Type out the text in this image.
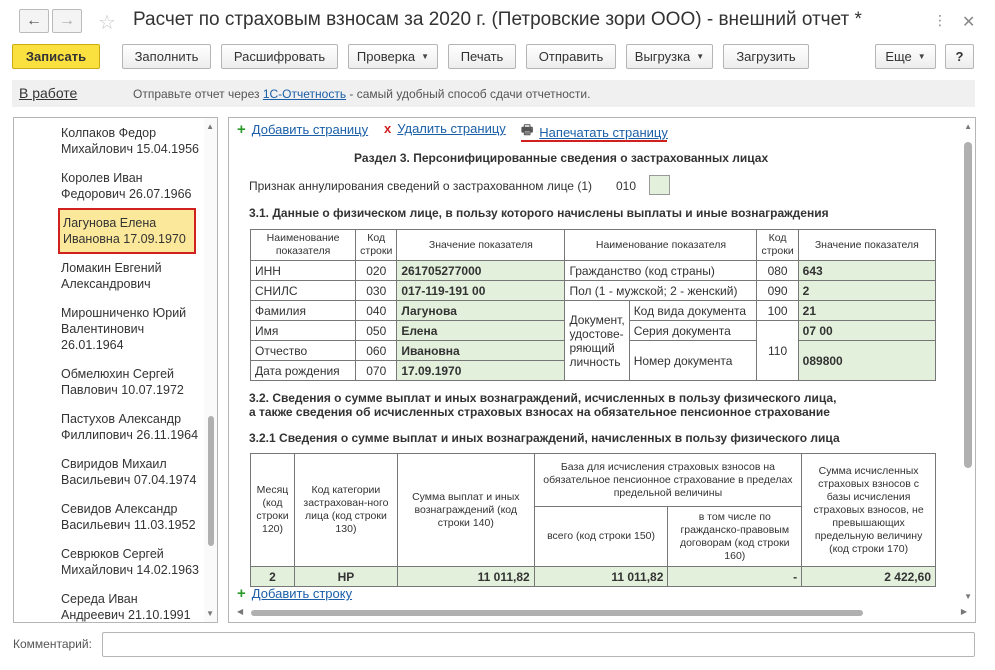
← → ☆ Расчет по страховым взносам за 2020 г. (Петровские зори ООО) - внешний отчет *	⋮ ✕
Записать	Заполнить	Расшифровать Проверка ▼ Печать	Отправить Выгрузка ▼ Загрузить	Еще ▼ ?
В работе	Отправьте отчет через 1С-Отчетность - самый удобный способ сдачи отчетности.
Колпаков Федор
Михайлович 15.04.1956
Королев Иван
Федорович 26.07.1966
Лагунова Елена
Ивановна 17.09.1970
Ломакин Евгений
Александрович
Мирошниченко Юрий
Валентинович
26.01.1964
Обмелюхин Сергей
Павлович 10.07.1972
Пастухов Александр
Филлипович 26.11.1964
Свиридов Михаил
Васильевич 07.04.1974
Севидов Александр
Васильевич 11.03.1952
Севрюков Сергей
Михайлович 14.02.1963
Середа Иван
Андреевич 21.10.1991
▲
▼
+ Добавить страницу x Удалить страницу 🖶 Напечатать страницу
Раздел 3. Персонифицированные сведения о застрахованных лицах
Признак аннулирования сведений о застрахованном лице (1) 010
3.1. Данные о физическом лице, в пользу которого начислены выплаты и иные вознаграждения
Наименование показателя	Код строки	Значение показателя	Наименование показателя		Код строки	Значение показателя
ИНН	020	261705277000	Гражданство (код страны)		080	643
СНИЛС	030	017-119-191 00	Пол (1 - мужской; 2 - женский)		090	2
Фамилия	040	Лагунова	Документ, удостове-ряющий личность	Код вида документа	100	21
Имя	050	Елена		Серия документа	110	07 00
Отчество	060	Ивановна		Номер документа		089800
Дата рождения	070	17.09.1970				
3.2. Сведения о сумме выплат и иных вознаграждений, исчисленных в пользу физического лица,
а также сведения об исчисленных страховых взносах на обязательное пенсионное страхование
3.2.1 Сведения о сумме выплат и иных вознаграждений, начисленных в пользу физического лица
Месяц (код строки 120)	Код категории застрахован-ного лица (код строки 130)	Сумма выплат и иных вознаграждений (код строки 140)	База для исчисления страховых взносов на обязательное пенсионное страхование в пределах предельной величины		Сумма исчисленных страховых взносов с базы исчисления страховых взносов, не превышающих предельную величину (код строки 170)
			всего (код строки 150)	в том числе по гражданско-правовым договорам (код строки 160)	
2	НР	11 011,82	11 011,82	-	2 422,60
+ Добавить строку
▲
▼
◀	▶
Комментарий:
